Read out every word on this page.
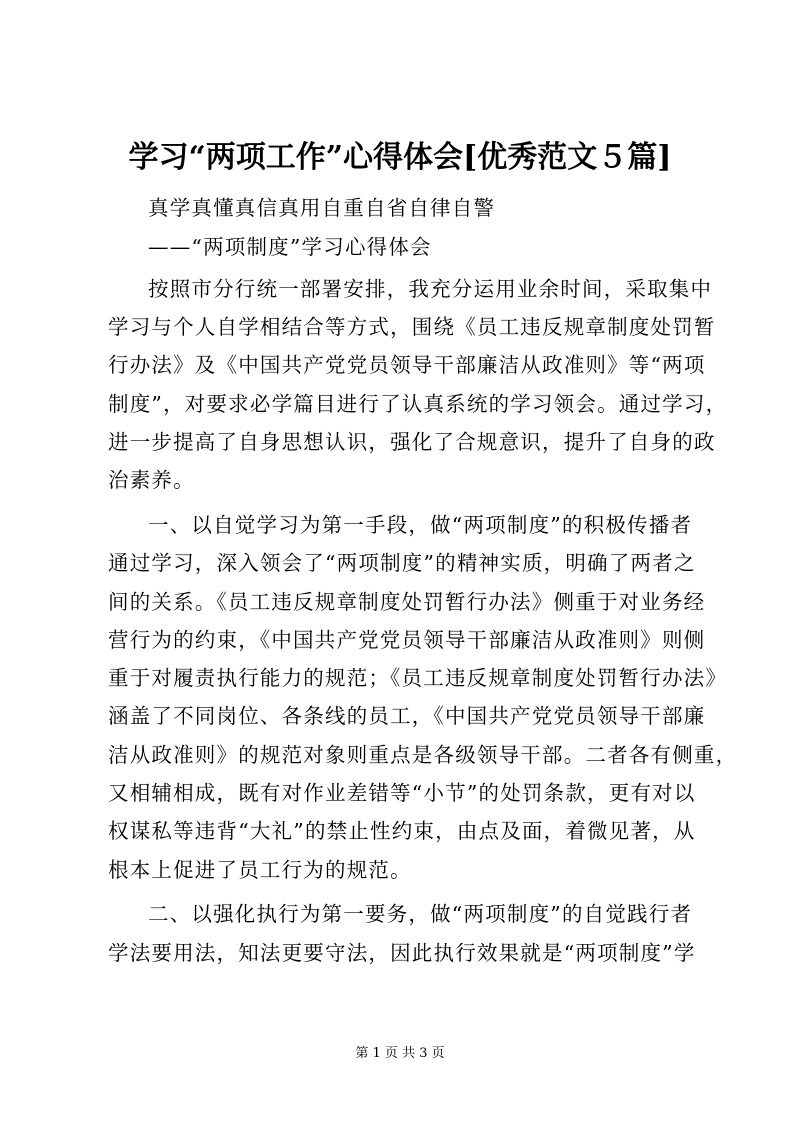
学习“两项工作”心得体会[优秀范文５篇]
真学真懂真信真用自重自省自律自警
——“两项制度”学习心得体会
按照市分行统一部署安排，我充分运用业余时间，采取集中
学习与个人自学相结合等方式，围绕《员工违反规章制度处罚暂
行办法》及《中国共产党党员领导干部廉洁从政准则》等“两项
制度”，对要求必学篇目进行了认真系统的学习领会。通过学习，
进一步提高了自身思想认识，强化了合规意识，提升了自身的政
治素养。
一、以自觉学习为第一手段，做“两项制度”的积极传播者
通过学习，深入领会了“两项制度”的精神实质，明确了两者之
间的关系。《员工违反规章制度处罚暂行办法》侧重于对业务经
营行为的约束，《中国共产党党员领导干部廉洁从政准则》则侧
重于对履责执行能力的规范；《员工违反规章制度处罚暂行办法》
涵盖了不同岗位、各条线的员工，《中国共产党党员领导干部廉
洁从政准则》的规范对象则重点是各级领导干部。二者各有侧重，
又相辅相成，既有对作业差错等“小节”的处罚条款，更有对以
权谋私等违背“大礼”的禁止性约束，由点及面，着微见著，从
根本上促进了员工行为的规范。
二、以强化执行为第一要务，做“两项制度”的自觉践行者
学法要用法，知法更要守法，因此执行效果就是“两项制度”学
第 1 页 共 3 页
